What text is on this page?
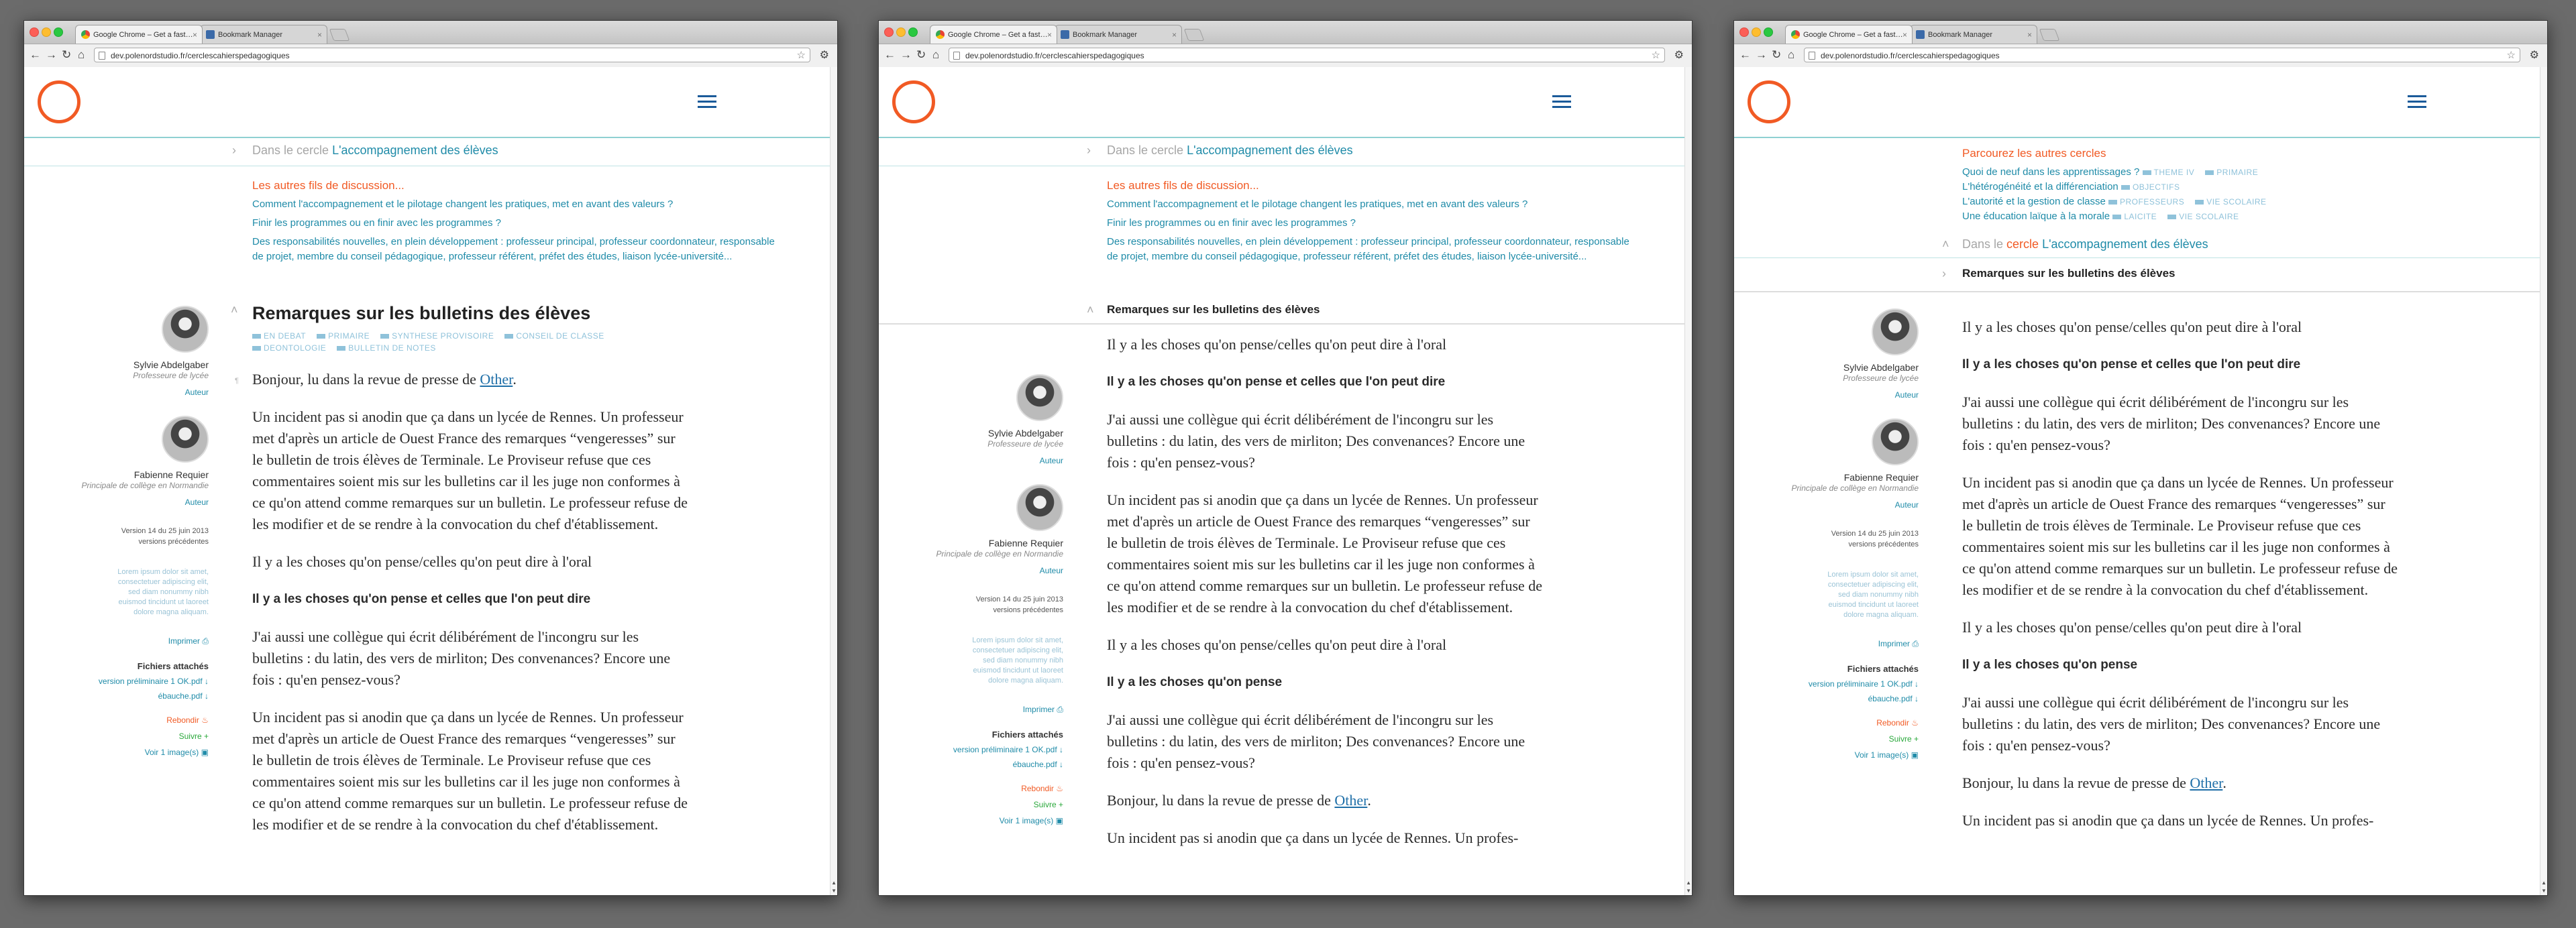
Google Chrome – Get a fast… ×	Bookmark Manager	×
← → ↻ ⌂	dev.polenordstudio.fr/cerclescahierspedagogiques	☆ ⚙
› Dans le cercle L'accompagnement des élèves
Les autres fils de discussion...
Comment l'accompagnement et le pilotage changent les pratiques, met en avant des valeurs ?
Finir les programmes ou en finir avec les programmes ?
Des responsabilités nouvelles, en plein développement : professeur principal, professeur coordonnateur, responsable de projet, membre du conseil pédagogique, professeur référent, préfet des études, liaison lycée-université...
˄ Remarques sur les bulletins des élèves
EN DEBAT	PRIMAIRE	SYNTHESE PROVISOIRE	CONSEIL DE CLASSEDEONTOLOGIE	BULLETIN DE NOTES
Sylvie Abdelgaber
Professeure de lycée
Auteur
Fabienne Requier
Principale de collège en Normandie
Auteur
Version 14 du 25 juin 2013
versions précédentes
Lorem ipsum dolor sit amet, consectetuer adipiscing elit, sed diam nonummy nibh euismod tincidunt ut laoreet dolore magna aliquam.
Imprimer ⎙
Fichiers attachés
version préliminaire 1 OK.pdf ↓
ébauche.pdf ↓
Rebondir ♨
Suivre +
Voir 1 image(s) ▣

¶ Bonjour, lu dans la revue de presse de Other.

Un incident pas si anodin que ça dans un lycée de Rennes. Un professeur met d'après un article de Ouest France des remarques “vengeresses” sur le bulletin de trois élèves de Terminale. Le Proviseur refuse que ces commentaires soient mis sur les bulletins car il les juge non conformes à ce qu'on attend comme remarques sur un bulletin. Le professeur refuse de les modifier et de se rendre à la convocation du chef d'établissement.

Il y a les choses qu'on pense/celles qu'on peut dire à l'oral

Il y a les choses qu'on pense et celles que l'on peut dire

J'ai aussi une collègue qui écrit délibérément de l'incongru sur les bulletins : du latin, des vers de mirliton; Des convenances? Encore une fois : qu'en pensez-vous?

Un incident pas si anodin que ça dans un lycée de Rennes. Un professeur met d'après un article de Ouest France des remarques “vengeresses” sur le bulletin de trois élèves de Terminale. Le Proviseur refuse que ces commentaires soient mis sur les bulletins car il les juge non conformes à ce qu'on attend comme remarques sur un bulletin. Le professeur refuse de les modifier et de se rendre à la convocation du chef d'établissement.

▲
▼
Google Chrome – Get a fast… ×	Bookmark Manager	×
← → ↻ ⌂	dev.polenordstudio.fr/cerclescahierspedagogiques	☆ ⚙
› Dans le cercle L'accompagnement des élèves
Les autres fils de discussion...
Comment l'accompagnement et le pilotage changent les pratiques, met en avant des valeurs ?
Finir les programmes ou en finir avec les programmes ?
Des responsabilités nouvelles, en plein développement : professeur principal, professeur coordonnateur, responsable de projet, membre du conseil pédagogique, professeur référent, préfet des études, liaison lycée-université...

Il y a les choses qu'on pense/celles qu'on peut dire à l'oral

Il y a les choses qu'on pense et celles que l'on peut dire

J'ai aussi une collègue qui écrit délibérément de l'incongru sur les bulletins : du latin, des vers de mirliton; Des convenances? Encore une fois : qu'en pensez-vous?

Un incident pas si anodin que ça dans un lycée de Rennes. Un professeur met d'après un article de Ouest France des remarques “vengeresses” sur le bulletin de trois élèves de Terminale. Le Proviseur refuse que ces commentaires soient mis sur les bulletins car il les juge non conformes à ce qu'on attend comme remarques sur un bulletin. Le professeur refuse de les modifier et de se rendre à la convocation du chef d'établissement.

Il y a les choses qu'on pense/celles qu'on peut dire à l'oral

Il y a les choses qu'on pense

J'ai aussi une collègue qui écrit délibérément de l'incongru sur les bulletins : du latin, des vers de mirliton; Des convenances? Encore une fois : qu'en pensez-vous?

Bonjour, lu dans la revue de presse de Other.

Un incident pas si anodin que ça dans un lycée de Rennes. Un profes-

˄ Remarques sur les bulletins des élèves
Sylvie Abdelgaber
Professeure de lycée
Auteur
Fabienne Requier
Principale de collège en Normandie
Auteur
Version 14 du 25 juin 2013
versions précédentes
Lorem ipsum dolor sit amet, consectetuer adipiscing elit, sed diam nonummy nibh euismod tincidunt ut laoreet dolore magna aliquam.
Imprimer ⎙
Fichiers attachés
version préliminaire 1 OK.pdf ↓
ébauche.pdf ↓
Rebondir ♨
Suivre +
Voir 1 image(s) ▣
▲
▼
Google Chrome – Get a fast… ×	Bookmark Manager	×
← → ↻ ⌂	dev.polenordstudio.fr/cerclescahierspedagogiques	☆ ⚙
Parcourez les autres cercles
Quoi de neuf dans les apprentissages ? THEME IV	PRIMAIRE
L'hétérogénéité et la différenciation OBJECTIFS
L'autorité et la gestion de classe PROFESSEURS	VIE SCOLAIRE
Une éducation laïque à la morale LAICITE	VIE SCOLAIRE
˄ Dans le cercle L'accompagnement des élèves
› Remarques sur les bulletins des élèves
Sylvie Abdelgaber
Professeure de lycée
Auteur
Fabienne Requier
Principale de collège en Normandie
Auteur
Version 14 du 25 juin 2013
versions précédentes
Lorem ipsum dolor sit amet, consectetuer adipiscing elit, sed diam nonummy nibh euismod tincidunt ut laoreet dolore magna aliquam.
Imprimer ⎙
Fichiers attachés
version préliminaire 1 OK.pdf ↓
ébauche.pdf ↓
Rebondir ♨
Suivre +
Voir 1 image(s) ▣

Il y a les choses qu'on pense/celles qu'on peut dire à l'oral

Il y a les choses qu'on pense et celles que l'on peut dire

J'ai aussi une collègue qui écrit délibérément de l'incongru sur les bulletins : du latin, des vers de mirliton; Des convenances? Encore une fois : qu'en pensez-vous?

Un incident pas si anodin que ça dans un lycée de Rennes. Un professeur met d'après un article de Ouest France des remarques “vengeresses” sur le bulletin de trois élèves de Terminale. Le Proviseur refuse que ces commentaires soient mis sur les bulletins car il les juge non conformes à ce qu'on attend comme remarques sur un bulletin. Le professeur refuse de les modifier et de se rendre à la convocation du chef d'établissement.

Il y a les choses qu'on pense/celles qu'on peut dire à l'oral

Il y a les choses qu'on pense

J'ai aussi une collègue qui écrit délibérément de l'incongru sur les bulletins : du latin, des vers de mirliton; Des convenances? Encore une fois : qu'en pensez-vous?

Bonjour, lu dans la revue de presse de Other.

Un incident pas si anodin que ça dans un lycée de Rennes. Un profes-

▲
▼
